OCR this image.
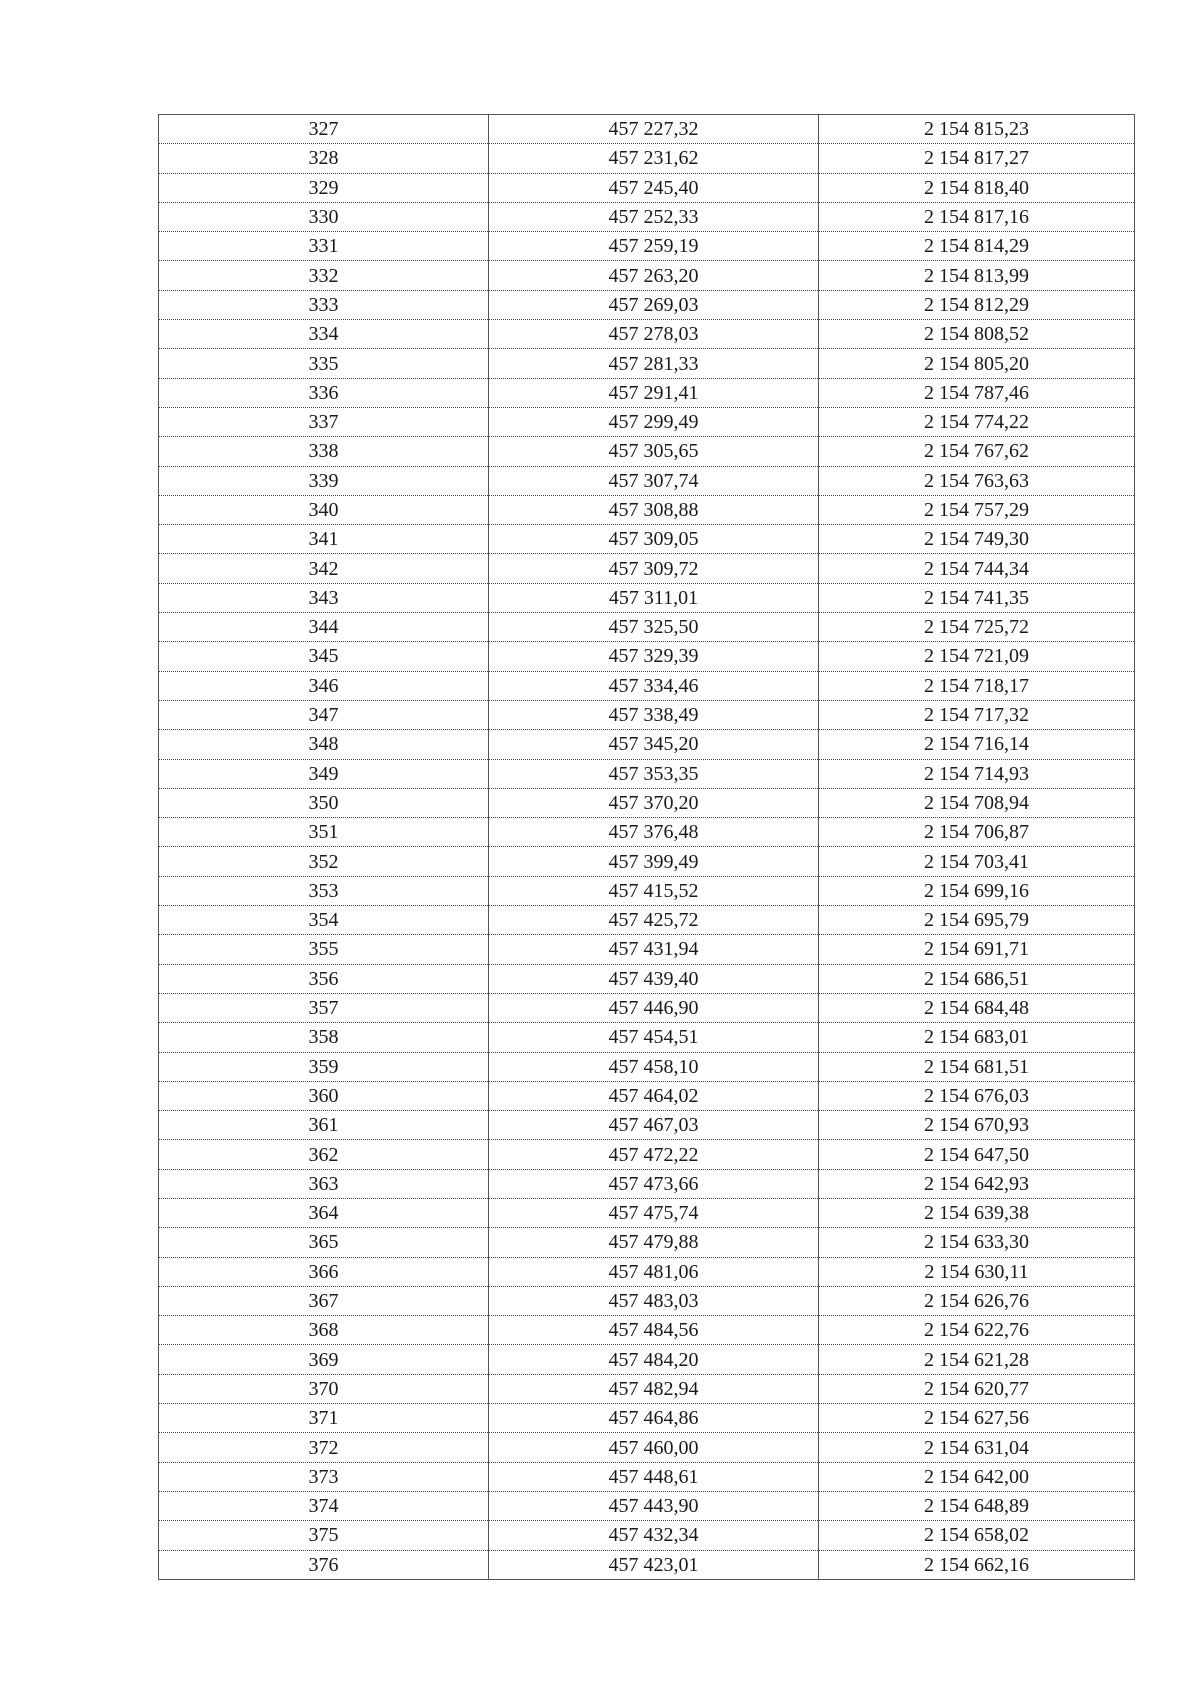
327	457 227,32	2 154 815,23
328	457 231,62	2 154 817,27
329	457 245,40	2 154 818,40
330	457 252,33	2 154 817,16
331	457 259,19	2 154 814,29
332	457 263,20	2 154 813,99
333	457 269,03	2 154 812,29
334	457 278,03	2 154 808,52
335	457 281,33	2 154 805,20
336	457 291,41	2 154 787,46
337	457 299,49	2 154 774,22
338	457 305,65	2 154 767,62
339	457 307,74	2 154 763,63
340	457 308,88	2 154 757,29
341	457 309,05	2 154 749,30
342	457 309,72	2 154 744,34
343	457 311,01	2 154 741,35
344	457 325,50	2 154 725,72
345	457 329,39	2 154 721,09
346	457 334,46	2 154 718,17
347	457 338,49	2 154 717,32
348	457 345,20	2 154 716,14
349	457 353,35	2 154 714,93
350	457 370,20	2 154 708,94
351	457 376,48	2 154 706,87
352	457 399,49	2 154 703,41
353	457 415,52	2 154 699,16
354	457 425,72	2 154 695,79
355	457 431,94	2 154 691,71
356	457 439,40	2 154 686,51
357	457 446,90	2 154 684,48
358	457 454,51	2 154 683,01
359	457 458,10	2 154 681,51
360	457 464,02	2 154 676,03
361	457 467,03	2 154 670,93
362	457 472,22	2 154 647,50
363	457 473,66	2 154 642,93
364	457 475,74	2 154 639,38
365	457 479,88	2 154 633,30
366	457 481,06	2 154 630,11
367	457 483,03	2 154 626,76
368	457 484,56	2 154 622,76
369	457 484,20	2 154 621,28
370	457 482,94	2 154 620,77
371	457 464,86	2 154 627,56
372	457 460,00	2 154 631,04
373	457 448,61	2 154 642,00
374	457 443,90	2 154 648,89
375	457 432,34	2 154 658,02
376	457 423,01	2 154 662,16
